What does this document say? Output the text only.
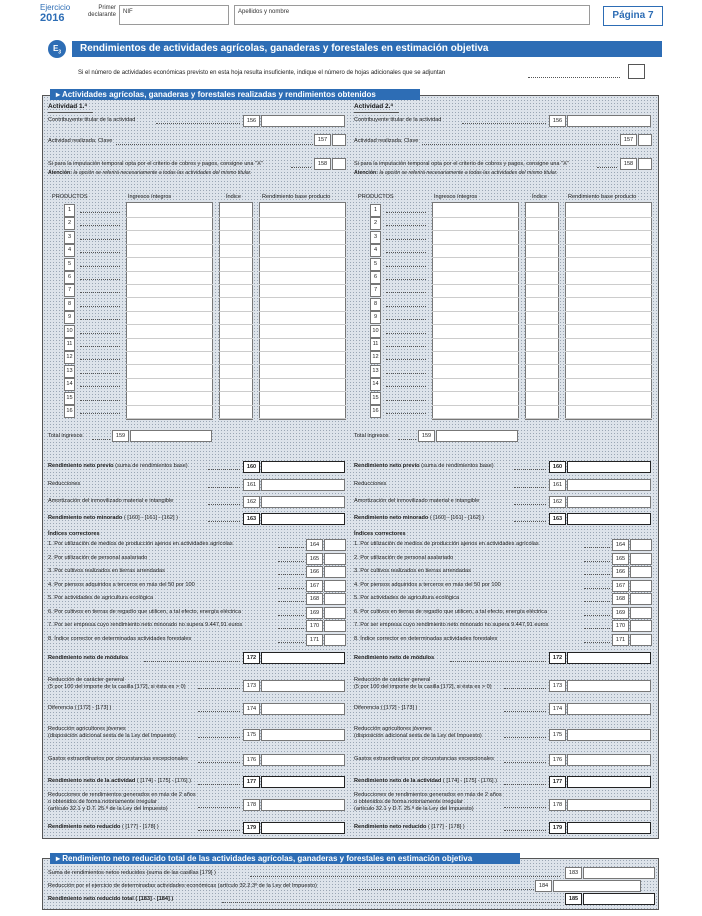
Ejercicio
2016
Primer
declarante NIF	Apellidos y nombre	Página 7
$E_3$	Rendimientos de actividades agrícolas, ganaderas y forestales en estimación objetiva
Si el número de actividades económicas previsto en esta hoja resulta insuficiente, indique el número de hojas adicionales que se adjuntan
▸ Actividades agrícolas, ganaderas y forestales realizadas y rendimientos obtenidos
Actividad 1.ª
Contribuyente titular de la actividad	156
Actividad realizada. Clave	157
Si para la imputación temporal opta por el criterio de cobros y pagos, consigne una "X"	158
Atención: la opción se referirá necesariamente a todas las actividades del mismo titular.
PRODUCTOS	Ingresos íntegros	Índice	Rendimiento base producto
1
2
3
4
5
6
7
8
9
10
11
12
13
14
15
16
Total ingresos	159
Rendimiento neto previo (suma de rendimientos base)	160
Reducciones	161
Amortización del inmovilizado material e intangible	162
Rendimiento neto minorado ( [160] - [161] - [162] )	163
Índices correctores
1. Por utilización de medios de producción ajenos en actividades agrícolas	164
2. Por utilización de personal asalariado	165
3. Por cultivos realizados en tierras arrendadas	166
4. Por piensos adquiridos a terceros en más del 50 por 100	167
5. Por actividades de agricultura ecológica	168
6. Por cultivos en tierras de regadío que utilicen, a tal efecto, energía eléctrica	169
7. Por ser empresa cuyo rendimiento neto minorado no supera 9.447,91 euros	170
8. Índice corrector en determinadas actividades forestales	171
Rendimiento neto de módulos	172
Reducción de carácter general
(5 por 100 del importe de la casilla [172], si ésta es > 0)	173
Diferencia ( [172] - [173] )	174
Reducción agricultores jóvenes
(disposición adicional sexta de la Ley del Impuesto)	175
Gastos extraordinarios por circunstancias excepcionales	176
Rendimiento neto de la actividad ( [174] - [175] - [176] )	177
Reducciones de rendimientos generados en más de 2 años
o obtenidos de forma notoriamente irregular
(artículo 32.1 y D.T. 25.ª de la Ley del Impuesto)
178
Rendimiento neto reducido ( [177] - [178] )	179
Actividad 2.ª
Contribuyente titular de la actividad	156
Actividad realizada. Clave	157
Si para la imputación temporal opta por el criterio de cobros y pagos, consigne una "X"	158
Atención: la opción se referirá necesariamente a todas las actividades del mismo titular.
PRODUCTOS	Ingresos íntegros	Índice	Rendimiento base producto
1
2
3
4
5
6
7
8
9
10
11
12
13
14
15
16
Total ingresos	159
Rendimiento neto previo (suma de rendimientos base)	160
Reducciones	161
Amortización del inmovilizado material e intangible	162
Rendimiento neto minorado ( [160] - [161] - [162] )	163
Índices correctores
1. Por utilización de medios de producción ajenos en actividades agrícolas	164
2. Por utilización de personal asalariado	165
3. Por cultivos realizados en tierras arrendadas	166
4. Por piensos adquiridos a terceros en más del 50 por 100	167
5. Por actividades de agricultura ecológica	168
6. Por cultivos en tierras de regadío que utilicen, a tal efecto, energía eléctrica	169
7. Por ser empresa cuyo rendimiento neto minorado no supera 9.447,91 euros	170
8. Índice corrector en determinadas actividades forestales	171
Rendimiento neto de módulos	172
Reducción de carácter general
(5 por 100 del importe de la casilla [172], si ésta es > 0)	173
Diferencia ( [172] - [173] )	174
Reducción agricultores jóvenes
(disposición adicional sexta de la Ley del Impuesto)	175
Gastos extraordinarios por circunstancias excepcionales	176
Rendimiento neto de la actividad ( [174] - [175] - [176] )	177
Reducciones de rendimientos generados en más de 2 años
o obtenidos de forma notoriamente irregular
(artículo 32.1 y D.T. 25.ª de la Ley del Impuesto)
178
Rendimiento neto reducido ( [177] - [178] )	179
▸ Rendimiento neto reducido total de las actividades agrícolas, ganaderas y forestales en estimación objetiva
Suma de rendimientos netos reducidos (suma de las casillas [179] )	183
Reducción por el ejercicio de determinadas actividades económicas (artículo 32.2.3º de la Ley del Impuesto)	184
Rendimiento neto reducido total ( [183] - [184] )	185
